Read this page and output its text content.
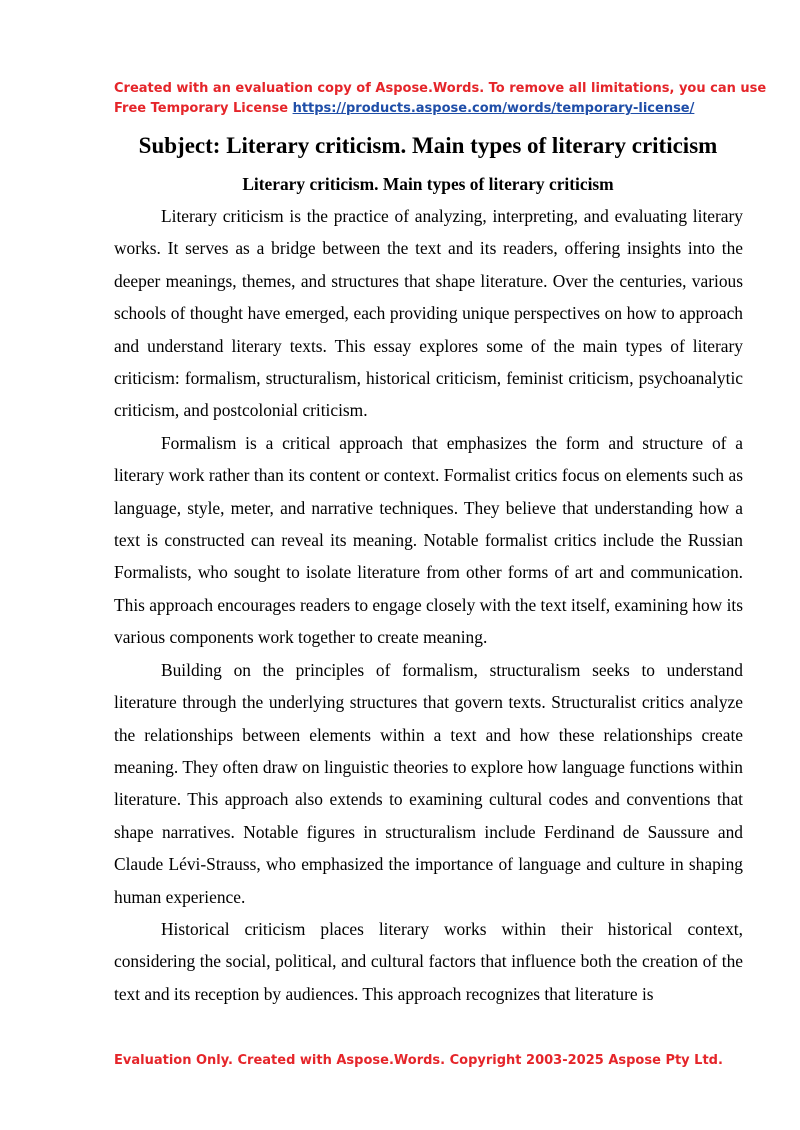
Created with an evaluation copy of Aspose.Words. To remove all limitations, you can use
Free Temporary License https://products.aspose.com/words/temporary-license/
Subject: Literary criticism. Main types of literary criticism
Literary criticism. Main types of literary criticism

Literary criticism is the practice of analyzing, interpreting, and evaluating literary works. It serves as a bridge between the text and its readers, offering insights into the deeper meanings, themes, and structures that shape literature. Over the centuries, various schools of thought have emerged, each providing unique perspectives on how to approach and understand literary texts. This essay explores some of the main types of literary criticism: formalism, structuralism, historical criticism, feminist criticism, psychoanalytic criticism, and postcolonial criticism.

Formalism is a critical approach that emphasizes the form and structure of a literary work rather than its content or context. Formalist critics focus on elements such as language, style, meter, and narrative techniques. They believe that understanding how a text is constructed can reveal its meaning. Notable formalist critics include the Russian Formalists, who sought to isolate literature from other forms of art and communication. This approach encourages readers to engage closely with the text itself, examining how its various components work together to create meaning.

Building on the principles of formalism, structuralism seeks to understand literature through the underlying structures that govern texts. Structuralist critics analyze the relationships between elements within a text and how these relationships create meaning. They often draw on linguistic theories to explore how language functions within literature. This approach also extends to examining cultural codes and conventions that shape narratives. Notable figures in structuralism include Ferdinand de Saussure and Claude Lévi-Strauss, who emphasized the importance of language and culture in shaping human experience.

Historical criticism places literary works within their historical context, considering the social, political, and cultural factors that influence both the creation of the text and its reception by audiences. This approach recognizes that literature is

Evaluation Only. Created with Aspose.Words. Copyright 2003-2025 Aspose Pty Ltd.
